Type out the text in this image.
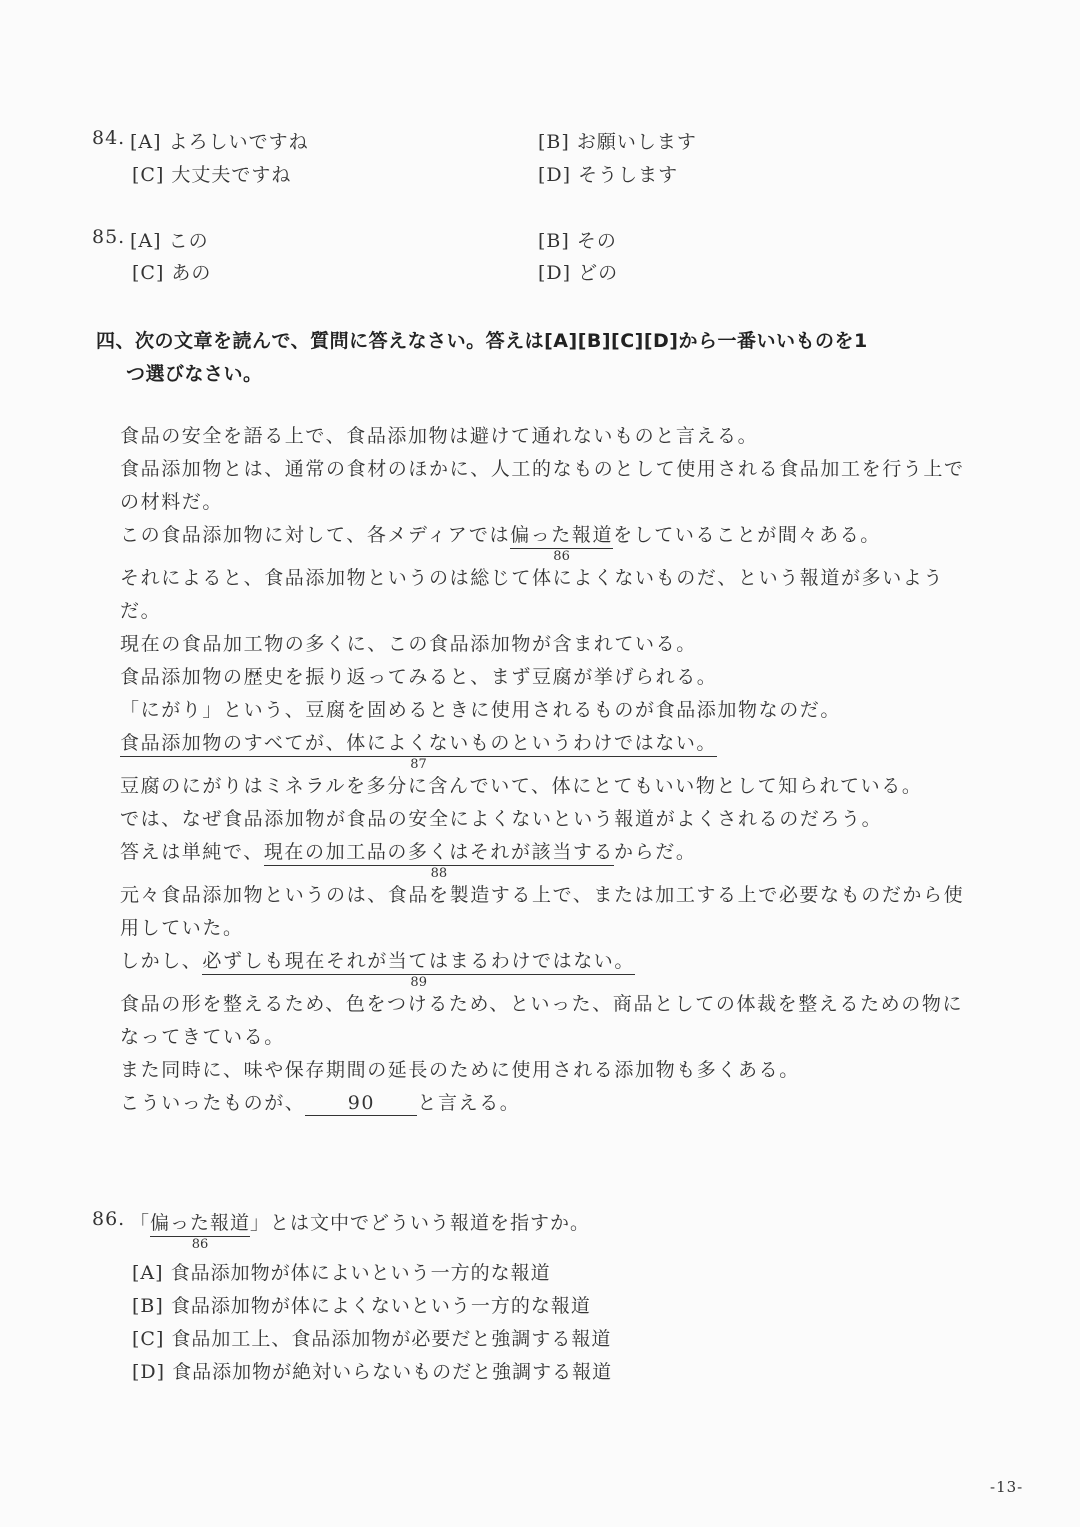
84. [A] よろしいですね	[B] お願いします
[C] 大丈夫ですね	[D] そうします
85. [A] この	[B] その
[C] あの	[D] どの
四、次の文章を読んで、質問に答えなさい。答えは[A][B][C][D]から一番いいものを1
つ選びなさい。

食品の安全を語る上で、食品添加物は避けて通れないものと言える。

食品添加物とは、通常の食材のほかに、人工的なものとして使用される食品加工を行う上での材料だ。

この食品添加物に対して、各メディアでは偏った報道
86
をしていることが間々ある。

それによると、食品添加物というのは総じて体によくないものだ、という報道が多いようだ。

現在の食品加工物の多くに、この食品添加物が含まれている。

食品添加物の歴史を振り返ってみると、まず豆腐が挙げられる。

「にがり」という、豆腐を固めるときに使用されるものが食品添加物なのだ。

食品添加物のすべてが、体によくないものというわけではない。
87

豆腐のにがりはミネラルを多分に含んでいて、体にとてもいい物として知られている。

では、なぜ食品添加物が食品の安全によくないという報道がよくされるのだろう。

答えは単純で、現在の加工品の多くはそれが該当する
88
からだ。

元々食品添加物というのは、食品を製造する上で、または加工する上で必要なものだから使用していた。

しかし、必ずしも現在それが当てはまるわけではない。
89

食品の形を整えるため、色をつけるため、といった、商品としての体裁を整えるための物になってきている。

また同時に、味や保存期間の延長のために使用される添加物も多くある。

こういったものが、 90 と言える。

86. 「偏った報道
86
」とは文中でどういう報道を指すか。
[A] 食品添加物が体によいという一方的な報道
[B] 食品添加物が体によくないという一方的な報道
[C] 食品加工上、食品添加物が必要だと強調する報道
[D] 食品添加物が絶対いらないものだと強調する報道
-13-
